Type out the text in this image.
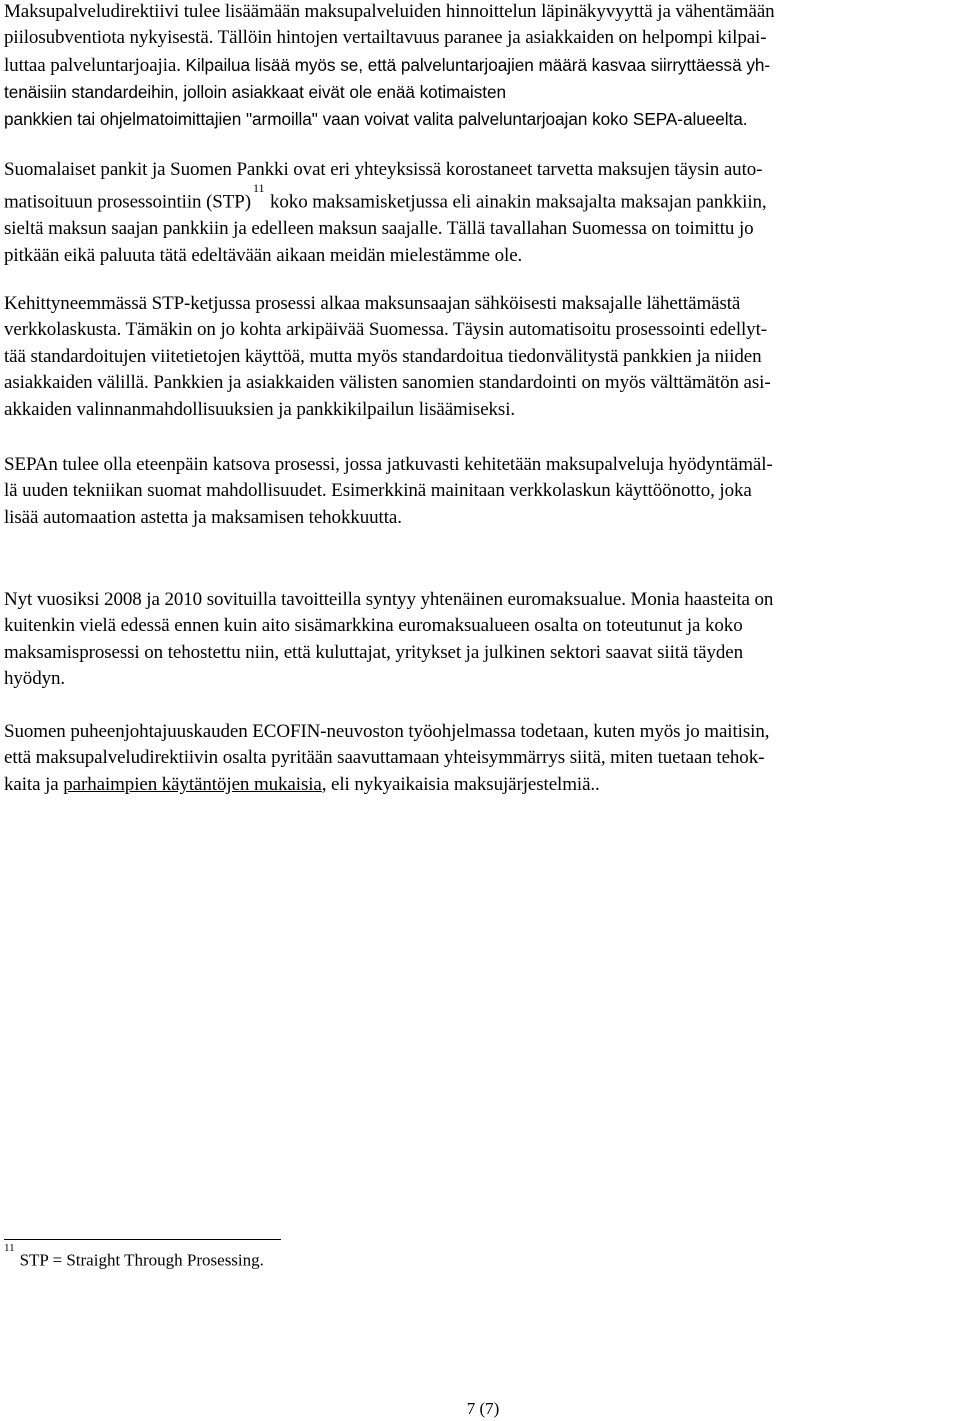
Maksupalveludirektiivi tulee lisäämään maksupalveluiden hinnoittelun läpinäkyvyyttä ja vähentämään
piilosubventiota nykyisestä. Tällöin hintojen vertailtavuus paranee ja asiakkaiden on helpompi kilpai-
luttaa palveluntarjoajia. Kilpailua lisää myös se, että palveluntarjoajien määrä kasvaa siirryttäessä yh-
tenäisiin standardeihin, jolloin asiakkaat eivät ole enää kotimaisten
pankkien tai ohjelmatoimittajien "armoilla" vaan voivat valita palveluntarjoajan koko SEPA-alueelta.

Suomalaiset pankit ja Suomen Pankki ovat eri yhteyksissä korostaneet tarvetta maksujen täysin auto-
matisoituun prosessointiin (STP)$^{11}$ koko maksamisketjussa eli ainakin maksajalta maksajan pankkiin,
sieltä maksun saajan pankkiin ja edelleen maksun saajalle. Tällä tavallahan Suomessa on toimittu jo
pitkään eikä paluuta tätä edeltävään aikaan meidän mielestämme ole.

Kehittyneemmässä STP-ketjussa prosessi alkaa maksunsaajan sähköisesti maksajalle lähettämästä
verkkolaskusta. Tämäkin on jo kohta arkipäivää Suomessa. Täysin automatisoitu prosessointi edellyt-
tää standardoitujen viitetietojen käyttöä, mutta myös standardoitua tiedonvälitystä pankkien ja niiden
asiakkaiden välillä. Pankkien ja asiakkaiden välisten sanomien standardointi on myös välttämätön asi-
akkaiden valinnanmahdollisuuksien ja pankkikilpailun lisäämiseksi.

SEPAn tulee olla eteenpäin katsova prosessi, jossa jatkuvasti kehitetään maksupalveluja hyödyntämäl-
lä uuden tekniikan suomat mahdollisuudet. Esimerkkinä mainitaan verkkolaskun käyttöönotto, joka
lisää automaation astetta ja maksamisen tehokkuutta.

Nyt vuosiksi 2008 ja 2010 sovituilla tavoitteilla syntyy yhtenäinen euromaksualue. Monia haasteita on
kuitenkin vielä edessä ennen kuin aito sisämarkkina euromaksualueen osalta on toteutunut ja koko
maksamisprosessi on tehostettu niin, että kuluttajat, yritykset ja julkinen sektori saavat siitä täyden
hyödyn.

Suomen puheenjohtajuuskauden ECOFIN-neuvoston työohjelmassa todetaan, kuten myös jo maitisin,
että maksupalveludirektiivin osalta pyritään saavuttamaan yhteisymmärrys siitä, miten tuetaan tehok-
kaita ja parhaimpien käytäntöjen mukaisia, eli nykyaikaisia maksujärjestelmiä..

$^{11}$STP = Straight Through Prosessing.
7 (7)
